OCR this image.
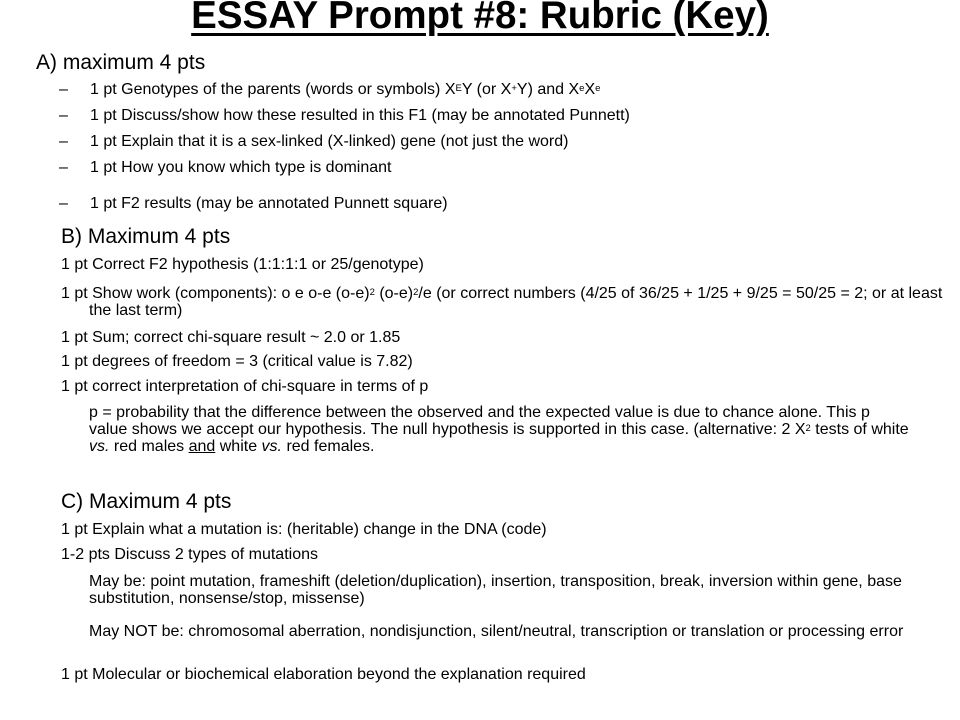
ESSAY Prompt #8: Rubric (Key)
A) maximum 4 pts
– 1 pt Genotypes of the parents (words or symbols) $X^EY$ (or X+Y) and XeXe
– 1 pt Discuss/show how these resulted in this F1 (may be annotated Punnett)
– 1 pt Explain that it is a sex-linked (X-linked) gene (not just the word)
– 1 pt How you know which type is dominant
– 1 pt F2 results (may be annotated Punnett square)
B) Maximum 4 pts
1 pt Correct F2 hypothesis (1:1:1:1 or 25/genotype)
1 pt Show work (components): o e o-e $(o-e)^2$ $(o-e)^2/e$ (or correct numbers (4/25 of 36/25 + 1/25 + 9/25 = 50/25 = 2; or at least the last term)
1 pt Sum; correct chi-square result ~ 2.0 or 1.85
1 pt degrees of freedom = 3 (critical value is 7.82)
1 pt correct interpretation of chi-square in terms of p
p = probability that the difference between the observed and the expected value is due to chance alone. This p value shows we accept our hypothesis. The null hypothesis is supported in this case. (alternative: 2 $X^2$ tests of white vs. red males and white vs. red females.
C) Maximum 4 pts
1 pt Explain what a mutation is: (heritable) change in the DNA (code)
1-2 pts Discuss 2 types of mutations
May be: point mutation, frameshift (deletion/duplication), insertion, transposition, break, inversion within gene, base substitution, nonsense/stop, missense)
May NOT be: chromosomal aberration, nondisjunction, silent/neutral, transcription or translation or processing error
1 pt Molecular or biochemical elaboration beyond the explanation required
